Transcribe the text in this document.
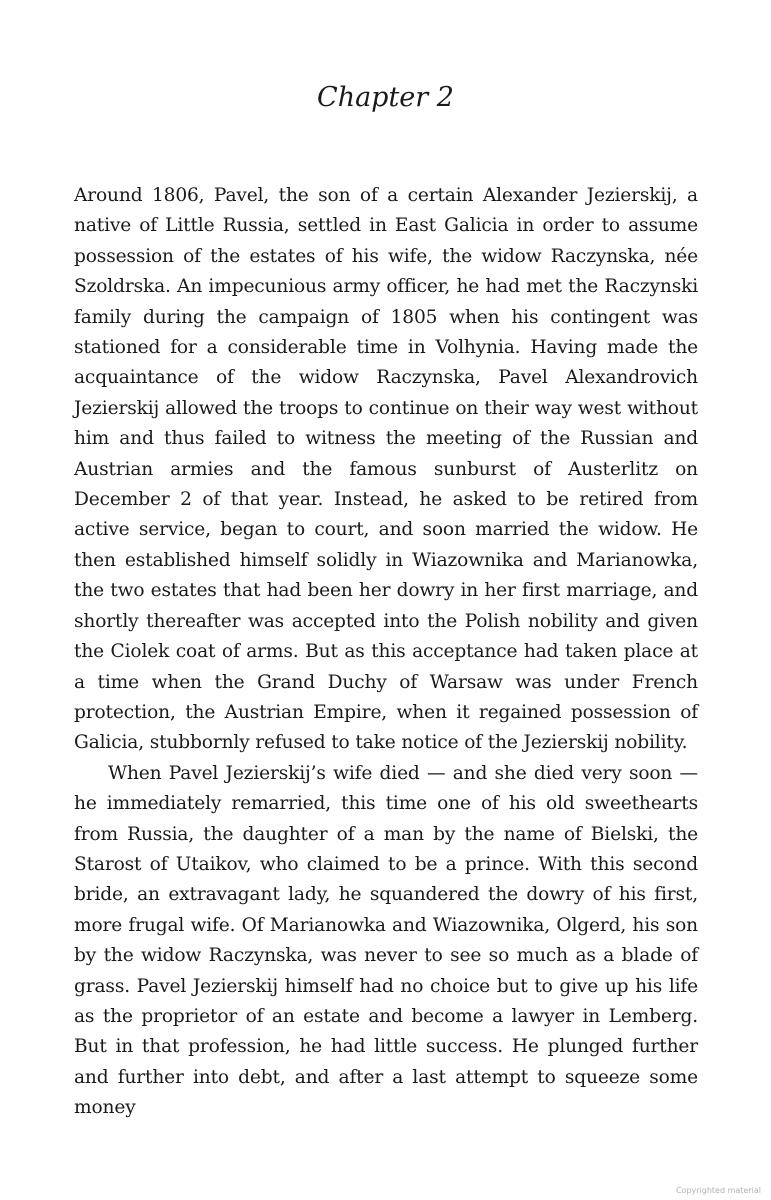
Chapter 2

Around 1806, Pavel, the son of a certain Alexander Jezierskij, a native of Little Russia, settled in East Galicia in order to assume possession of the estates of his wife, the widow Raczynska, née Szoldrska. An impecunious army officer, he had met the Raczynski family during the campaign of 1805 when his contingent was stationed for a considerable time in Volhynia. Having made the acquaintance of the widow Raczynska, Pavel Alexandrovich Jezierskij allowed the troops to continue on their way west without him and thus failed to witness the meeting of the Russian and Austrian armies and the famous sunburst of Austerlitz on December 2 of that year. Instead, he asked to be retired from active service, began to court, and soon married the widow. He then established himself solidly in Wiazownika and Marianowka, the two estates that had been her dowry in her first marriage, and shortly thereafter was accepted into the Polish nobility and given the Ciolek coat of arms. But as this acceptance had taken place at a time when the Grand Duchy of Warsaw was under French protection, the Austrian Empire, when it regained possession of Galicia, stubbornly refused to take notice of the Jezierskij nobility.

When Pavel Jezierskij’s wife died — and she died very soon — he immediately remarried, this time one of his old sweethearts from Russia, the daughter of a man by the name of Bielski, the Starost of Utaikov, who claimed to be a prince. With this second bride, an extravagant lady, he squandered the dowry of his first, more frugal wife. Of Marianowka and Wiazownika, Olgerd, his son by the widow Raczynska, was never to see so much as a blade of grass. Pavel Jezierskij himself had no choice but to give up his life as the proprietor of an estate and become a lawyer in Lemberg. But in that profession, he had little success. He plunged further and further into debt, and after a last attempt to squeeze some money

Copyrighted material
